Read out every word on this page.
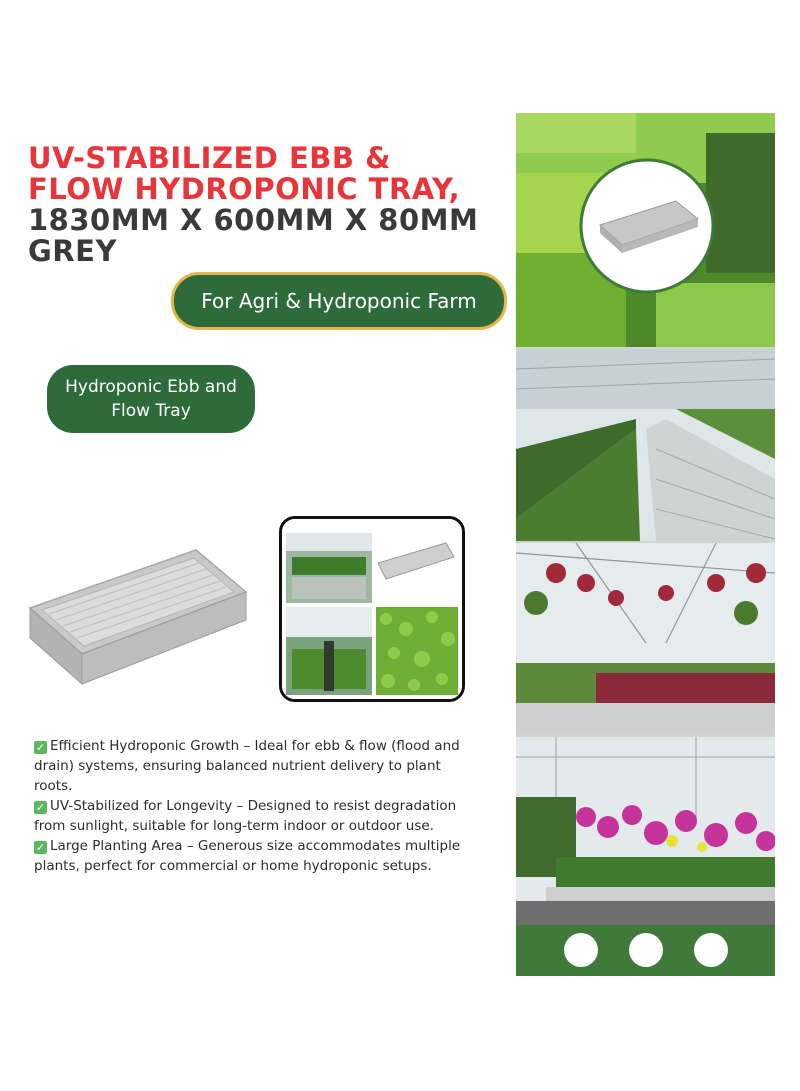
UV-STABILIZED EBB &
FLOW HYDROPONIC TRAY,
1830MM X 600MM X 80MM
GREY
For Agri & Hydroponic Farm
Hydroponic Ebb and
Flow Tray
✓ Efficient Hydroponic Growth – Ideal for ebb & flow (flood and drain) systems, ensuring balanced nutrient delivery to plant roots.
✓ UV-Stabilized for Longevity – Designed to resist degradation from sunlight, suitable for long-term indoor or outdoor use.
✓ Large Planting Area – Generous size accommodates multiple plants, perfect for commercial or home hydroponic setups.
